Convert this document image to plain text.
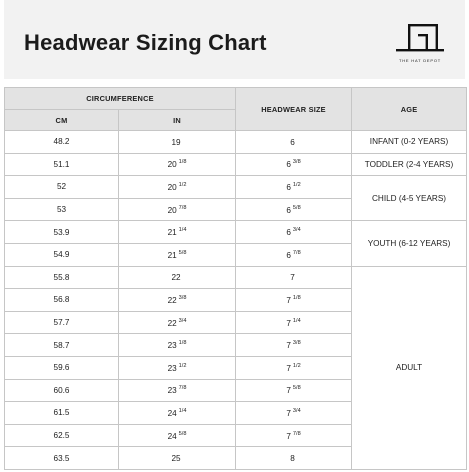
Headwear Sizing Chart
THE HAT DEPOT
CIRCUMFERENCE		HEADWEAR SIZE	AGE
CM	IN		
48.2	19	6	INFANT (0-2 YEARS)
51.1	20 $^{1/8}$	6 $^{3/8}$	TODDLER (2-4 YEARS)
52	20 $^{1/2}$	6 $^{1/2}$	CHILD (4-5 YEARS)
53	20 $^{7/8}$	6 $^{5/8}$
53.9	21 $^{1/4}$	6 $^{3/4}$	YOUTH (6-12 YEARS)
54.9	21 $^{5/8}$	6 $^{7/8}$
55.8	22	7	ADULT
56.8	22 $^{3/8}$	7 $^{1/8}$
57.7	22 $^{3/4}$	7 $^{1/4}$
58.7	23 $^{1/8}$	7 $^{3/8}$
59.6	23 $^{1/2}$	7 $^{1/2}$
60.6	23 $^{7/8}$	7 $^{5/8}$
61.5	24 $^{1/4}$	7 $^{3/4}$
62.5	24 $^{5/8}$	7 $^{7/8}$
63.5	25	8	
